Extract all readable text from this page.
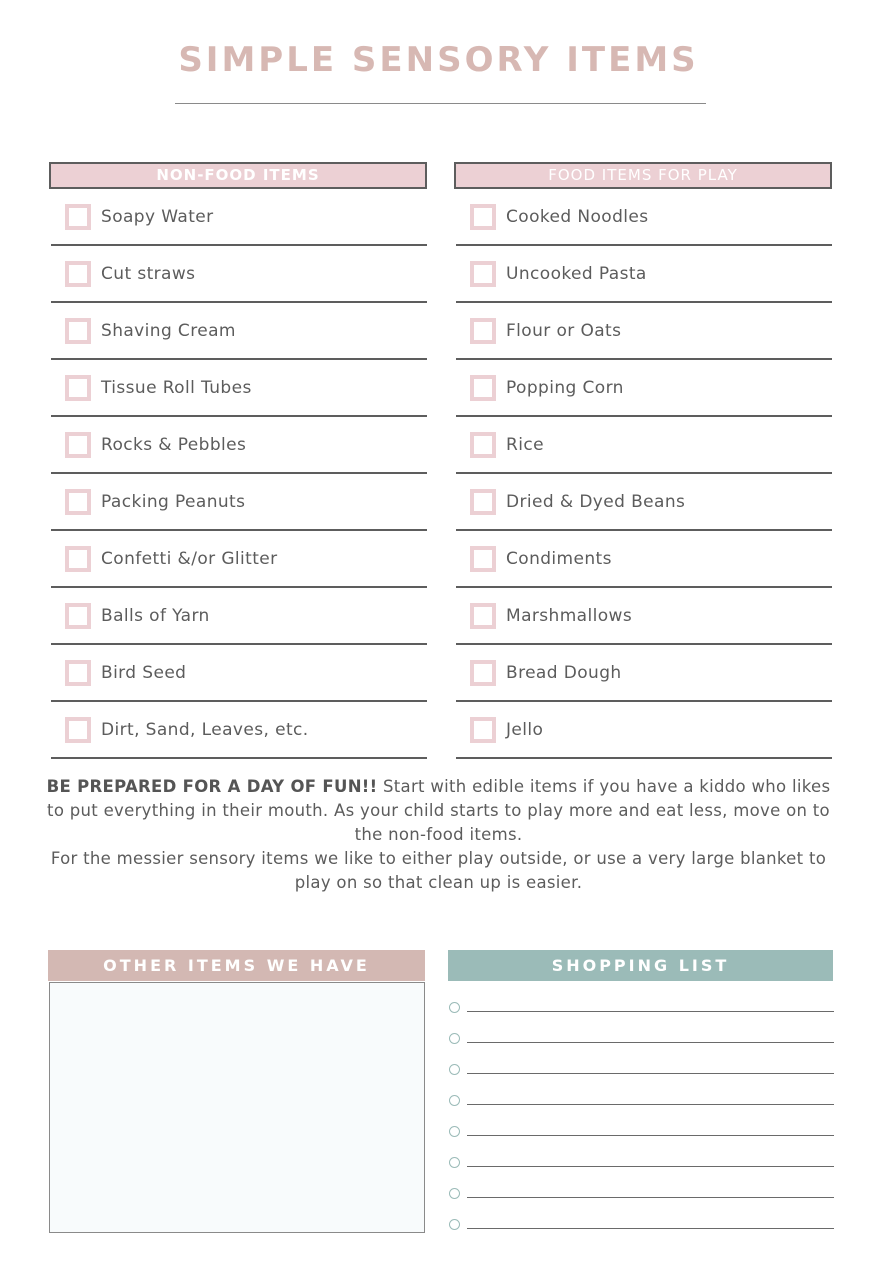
SIMPLE SENSORY ITEMS
NON-FOOD ITEMS
Soapy Water
Cut straws
Shaving Cream
Tissue Roll Tubes
Rocks & Pebbles
Packing Peanuts
Confetti &/or Glitter
Balls of Yarn
Bird Seed
Dirt, Sand, Leaves, etc.
FOOD ITEMS FOR PLAY
Cooked Noodles
Uncooked Pasta
Flour or Oats
Popping Corn
Rice
Dried & Dyed Beans
Condiments
Marshmallows
Bread Dough
Jello
BE PREPARED FOR A DAY OF FUN!! Start with edible items if you have a kiddo who likes to put everything in their mouth. As your child starts to play more and eat less, move on to the non-food items.
For the messier sensory items we like to either play outside, or use a very large blanket to play on so that clean up is easier.
OTHER ITEMS WE HAVE	SHOPPING LIST
